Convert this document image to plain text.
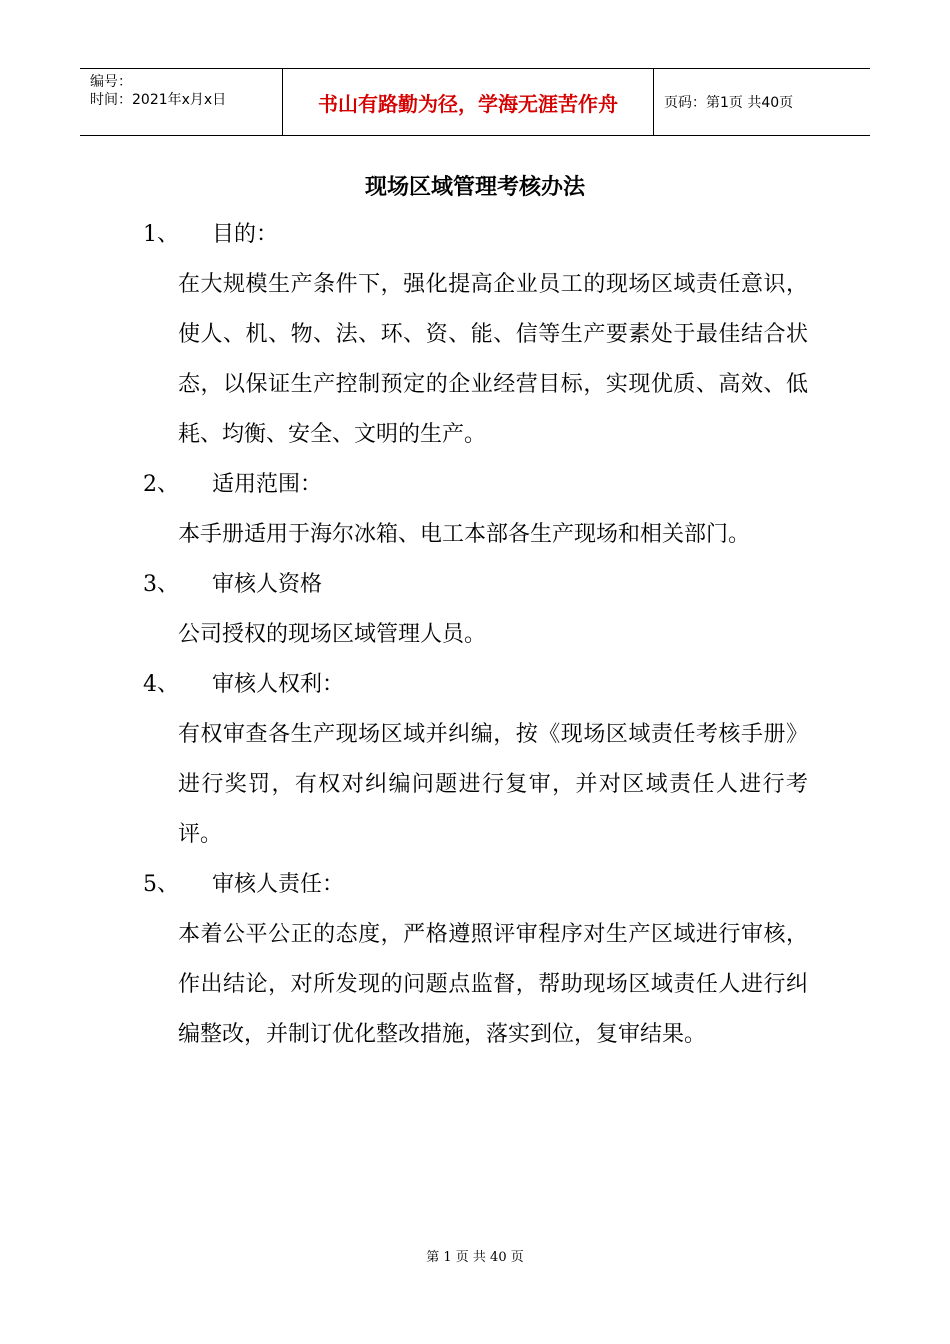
编号：
时间：2021年x月x日	书山有路勤为径，学海无涯苦作舟	页码：第1页 共40页
现场区域管理考核办法
1、 目的：
在大规模生产条件下，强化提高企业员工的现场区域责任意识，使人、机、物、法、环、资、能、信等生产要素处于最佳结合状态，以保证生产控制预定的企业经营目标，实现优质、高效、低耗、均衡、安全、文明的生产。
2、 适用范围：
本手册适用于海尔冰箱、电工本部各生产现场和相关部门。
3、 审核人资格
公司授权的现场区域管理人员。
4、 审核人权利：
有权审查各生产现场区域并纠编，按《现场区域责任考核手册》进行奖罚，有权对纠编问题进行复审，并对区域责任人进行考评。
5、 审核人责任：
本着公平公正的态度，严格遵照评审程序对生产区域进行审核，作出结论，对所发现的问题点监督，帮助现场区域责任人进行纠编整改，并制订优化整改措施，落实到位，复审结果。
第 1 页 共 40 页
